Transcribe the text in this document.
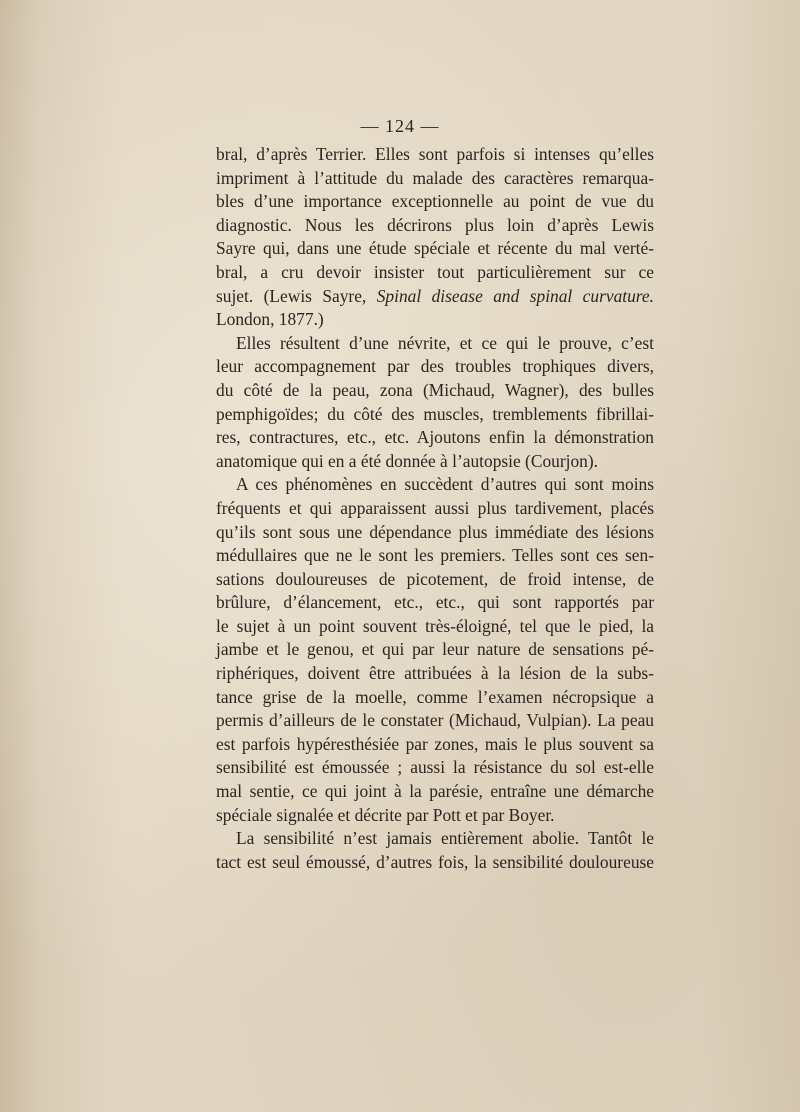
— 124 —
bral, d’après Terrier. Elles sont parfois si intenses qu’elles
impriment à l’attitude du malade des caractères remarqua-
bles d’une importance exceptionnelle au point de vue du
diagnostic. Nous les décrirons plus loin d’après Lewis
Sayre qui, dans une étude spéciale et récente du mal verté-
bral, a cru devoir insister tout particulièrement sur ce
sujet. (Lewis Sayre, Spinal disease and spinal curvature.
London, 1877.)
Elles résultent d’une névrite, et ce qui le prouve, c’est
leur accompagnement par des troubles trophiques divers,
du côté de la peau, zona (Michaud, Wagner), des bulles
pemphigoïdes; du côté des muscles, tremblements fibrillai-
res, contractures, etc., etc. Ajoutons enfin la démonstration
anatomique qui en a été donnée à l’autopsie (Courjon).
A ces phénomènes en succèdent d’autres qui sont moins
fréquents et qui apparaissent aussi plus tardivement, placés
qu’ils sont sous une dépendance plus immédiate des lésions
médullaires que ne le sont les premiers. Telles sont ces sen-
sations douloureuses de picotement, de froid intense, de
brûlure, d’élancement, etc., etc., qui sont rapportés par
le sujet à un point souvent très-éloigné, tel que le pied, la
jambe et le genou, et qui par leur nature de sensations pé-
riphériques, doivent être attribuées à la lésion de la subs-
tance grise de la moelle, comme l’examen nécropsique a
permis d’ailleurs de le constater (Michaud, Vulpian). La peau
est parfois hypéresthésiée par zones, mais le plus souvent sa
sensibilité est émoussée ; aussi la résistance du sol est-elle
mal sentie, ce qui joint à la parésie, entraîne une démarche
spéciale signalée et décrite par Pott et par Boyer.
La sensibilité n’est jamais entièrement abolie. Tantôt le
tact est seul émoussé, d’autres fois, la sensibilité douloureuse
